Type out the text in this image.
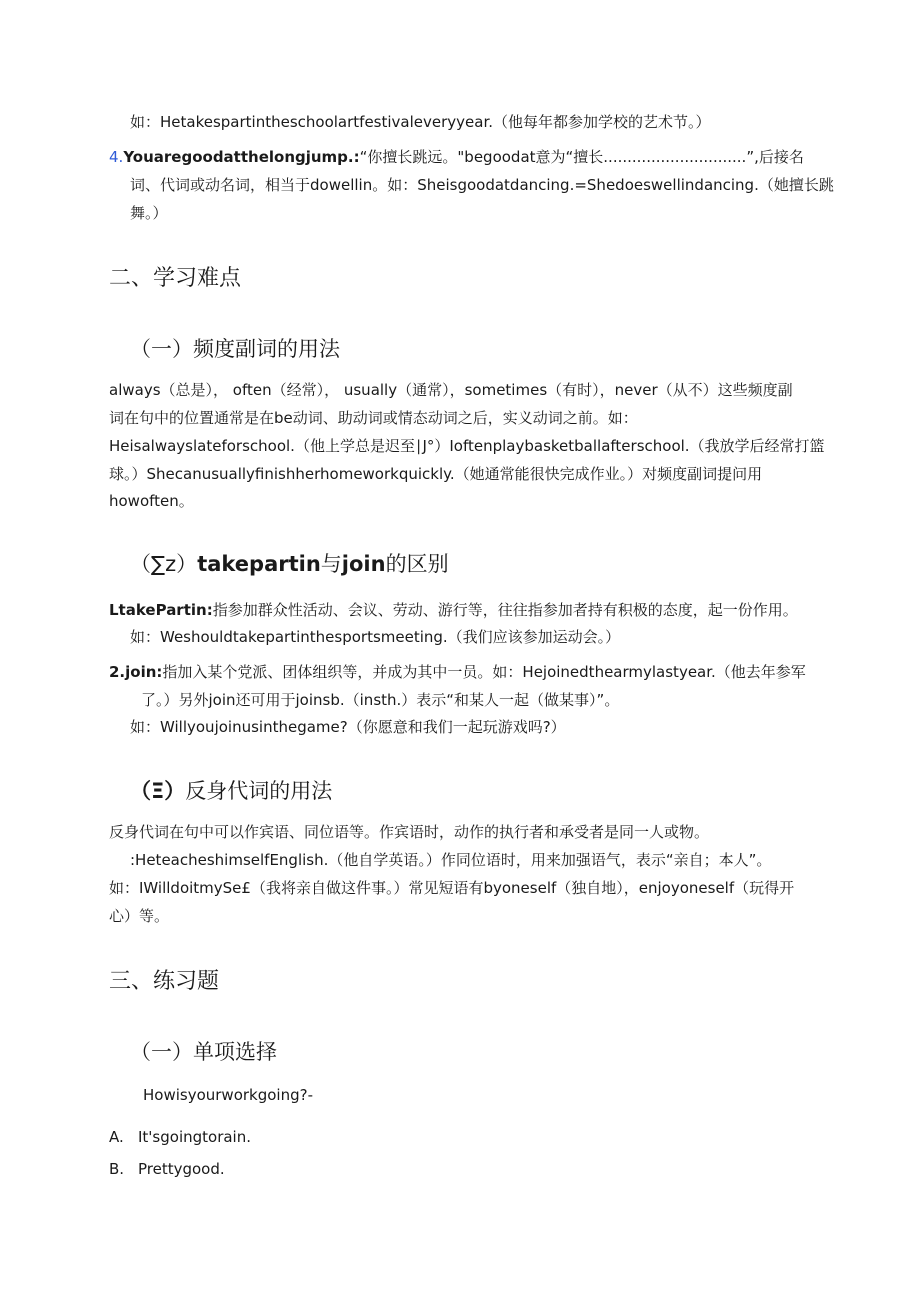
如：Hetakespartintheschoolartfestivaleveryyear.（他每年都参加学校的艺术节。）
4.Youaregoodatthelongjump.:“你擅长跳远。"begoodat意为“擅长..............................”,后接名
词、代词或动名词，相当于dowellin。如：Sheisgoodatdancing.=Shedoeswellindancing.（她擅长跳
舞。）
二、学习难点
（一）频度副词的用法
always（总是）， often（经常）， usually（通常），sometimes（有时），never（从不）这些频度副
词在句中的位置通常是在be动词、助动词或情态动词之后，实义动词之前。如：
Heisalwayslateforschool.（他上学总是迟至∣J°）Ioftenplaybasketballafterschool.（我放学后经常打篮
球。）Shecanusuallyfinishherhomeworkquickly.（她通常能很快完成作业。）对频度副词提问用
howoften。
（∑z）takepartin与join的区别
LtakePartin:指参加群众性活动、会议、劳动、游行等，往往指参加者持有积极的态度，起一份作用。
如：Weshouldtakepartinthesportsmeeting.（我们应该参加运动会。）
2.join:指加入某个党派、团体组织等，并成为其中一员。如：Hejoinedthearmylastyear.（他去年参军
了。）另外join还可用于joinsb.（insth.）表示“和某人一起（做某事）”。
如：Willyoujoinusinthegame?（你愿意和我们一起玩游戏吗?）
（Ξ）反身代词的用法
反身代词在句中可以作宾语、同位语等。作宾语时，动作的执行者和承受者是同一人或物。
:HeteacheshimselfEnglish.（他自学英语。）作同位语时，用来加强语气，表示“亲自；本人”。
如：IWilldoitmySe£（我将亲自做这件事。）常见短语有byoneself（独自地），enjoyoneself（玩得开
心）等。
三、练习题
（一）单项选择
Howisyourworkgoing?-
A. It'sgoingtorain.
B. Prettygood.
